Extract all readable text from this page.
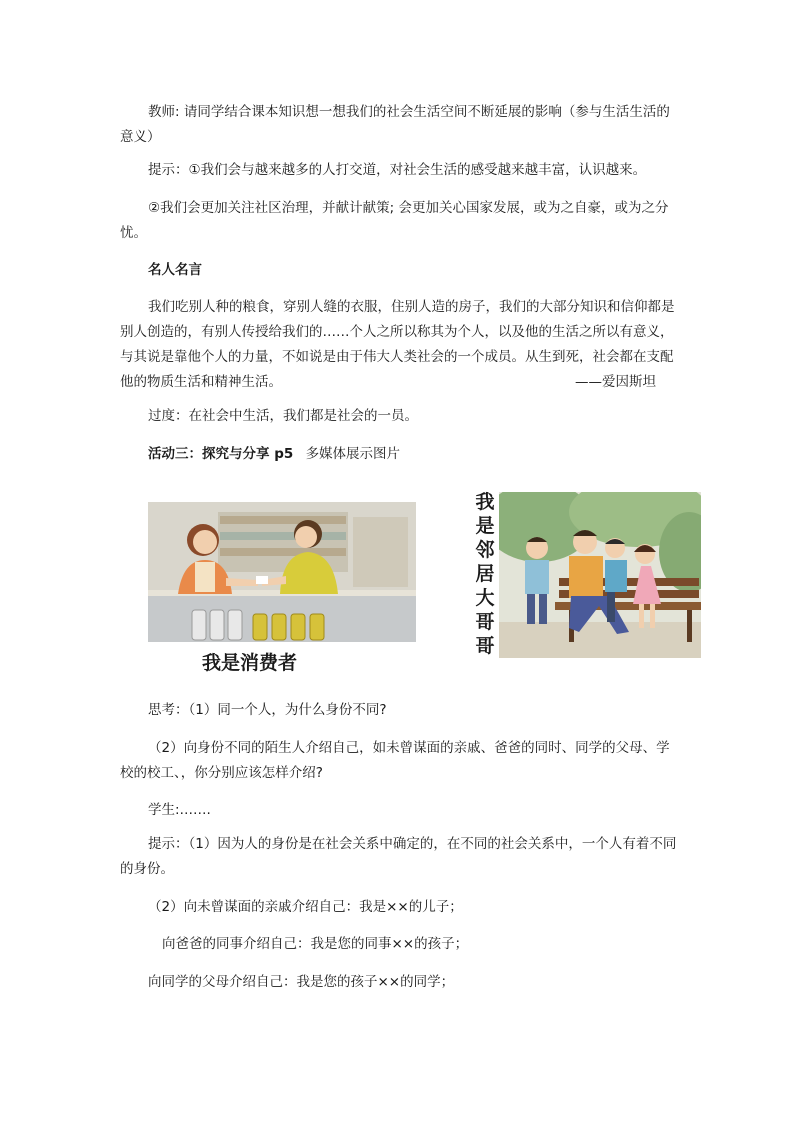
教师: 请同学结合课本知识想一想我们的社会生活空间不断延展的影响（参与生活生活的意义）

提示：①我们会与越来越多的人打交道，对社会生活的感受越来越丰富，认识越来。

②我们会更加关注社区治理，并献计献策; 会更加关心国家发展，或为之自豪，或为之分忧。

名人名言

我们吃别人种的粮食，穿别人缝的衣服，住别人造的房子，我们的大部分知识和信仰都是别人创造的，有别人传授给我们的……个人之所以称其为个人，以及他的生活之所以有意义，与其说是靠他个人的力量，不如说是由于伟大人类社会的一个成员。从生到死，社会都在支配他的物质生活和精神生活。	——爱因斯坦

过度：在社会中生活，我们都是社会的一员。

活动三：探究与分享 p5 多媒体展示图片

我是消费者
我是邻居大哥哥

思考：（1）同一个人，为什么身份不同?

（2）向身份不同的陌生人介绍自己，如未曾谋面的亲戚、爸爸的同时、同学的父母、学校的校工、，你分别应该怎样介绍?

学生:…….

提示：（1）因为人的身份是在社会关系中确定的，在不同的社会关系中，一个人有着不同的身份。

（2）向未曾谋面的亲戚介绍自己：我是××的儿子；

向爸爸的同事介绍自己：我是您的同事××的孩子；

向同学的父母介绍自己：我是您的孩子××的同学；
